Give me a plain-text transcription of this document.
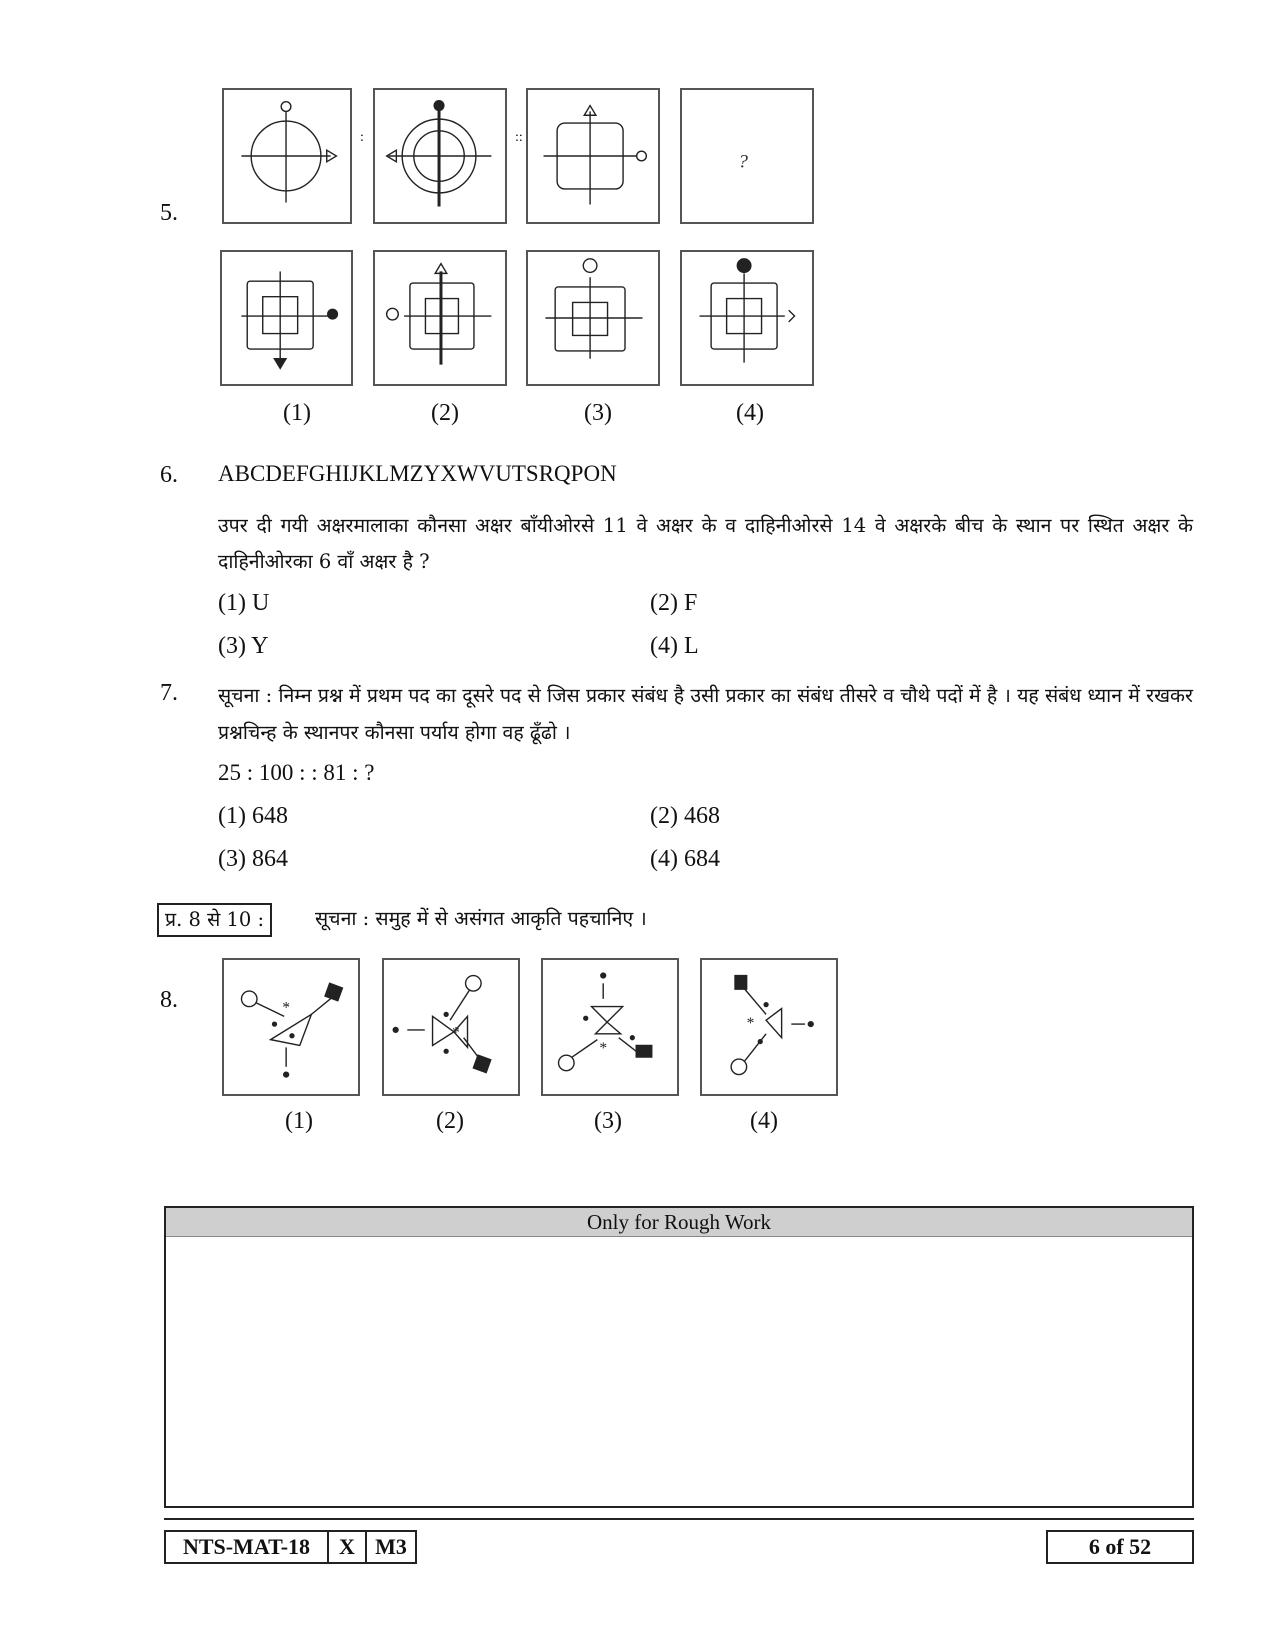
5.
:	::
?
(1)	(2)	(3)	(4)
6. ABCDEFGHIJKLMZYXWVUTSRQPON
उपर दी गयी अक्षरमालाका कौनसा अक्षर बाँयीओरसे 11 वे अक्षर के व दाहिनीओरसे 14 वे अक्षरके बीच के स्थान पर स्थित अक्षर के दाहिनीओरका 6 वाँ अक्षर है ?
(1) U	(2) F
(3) Y	(4) L
7. सूचना : निम्न प्रश्न में प्रथम पद का दूसरे पद से जिस प्रकार संबंध है उसी प्रकार का संबंध तीसरे व चौथे पदों में है । यह संबंध ध्यान में रखकर प्रश्नचिन्ह के स्थानपर कौनसा पर्याय होगा वह ढूँढो ।
25 : 100 : : 81 : ?
(1) 648	(2) 468
(3) 864	(4) 684
प्र. 8 से 10 :	सूचना : समुह में से असंगत आकृति पहचानिए ।
8.	*
*
*
*
(1)	(2)	(3)	(4)
Only for Rough Work
NTS-MAT-18	X M3	6 of 52
